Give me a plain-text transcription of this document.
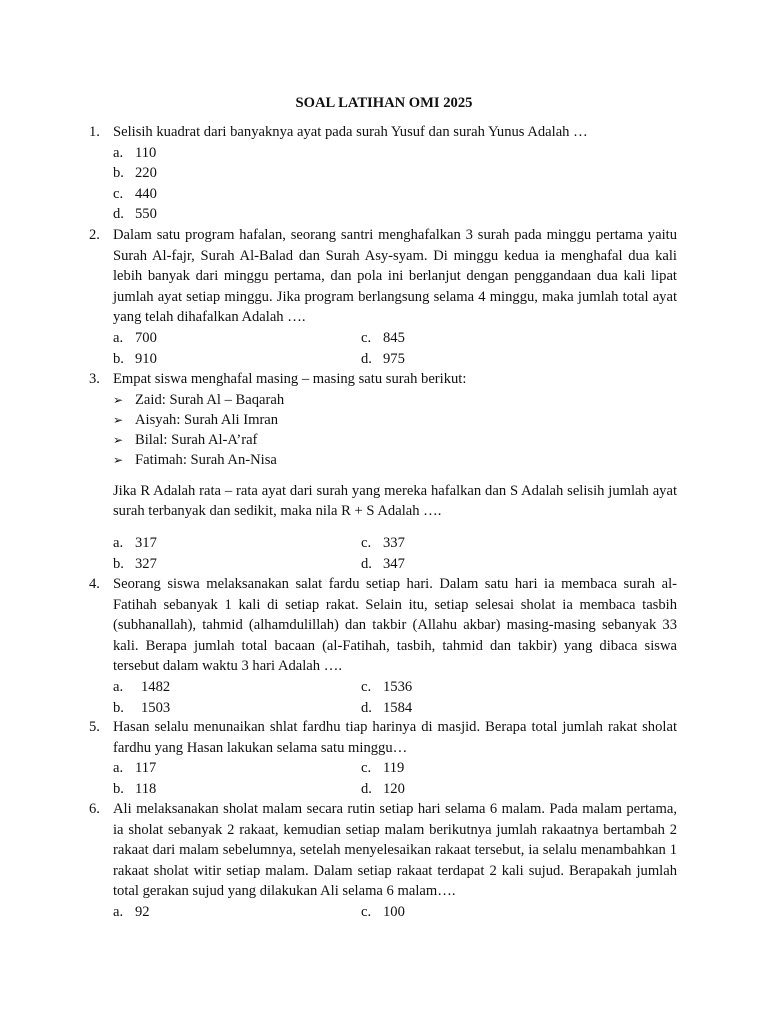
SOAL LATIHAN OMI 2025
1. Selisih kuadrat dari banyaknya ayat pada surah Yusuf dan surah Yunus Adalah …
a. 110
b. 220
c. 440
d. 550
2. Dalam satu program hafalan, seorang santri menghafalkan 3 surah pada minggu pertama yaitu Surah Al-fajr, Surah Al-Balad dan Surah Asy-syam. Di minggu kedua ia menghafal dua kali lebih banyak dari minggu pertama, dan pola ini berlanjut dengan penggandaan dua kali lipat jumlah ayat setiap minggu. Jika program berlangsung selama 4 minggu, maka jumlah total ayat yang telah dihafalkan Adalah ….
a. 700	c. 845
b. 910	d. 975
3. Empat siswa menghafal masing – masing satu surah berikut:
➢ Zaid: Surah Al – Baqarah
➢ Aisyah: Surah Ali Imran
➢ Bilal: Surah Al-A’raf
➢ Fatimah: Surah An-Nisa
Jika R Adalah rata – rata ayat dari surah yang mereka hafalkan dan S Adalah selisih jumlah ayat surah terbanyak dan sedikit, maka nila R + S Adalah ….
a. 317	c. 337
b. 327	d. 347
4. Seorang siswa melaksanakan salat fardu setiap hari. Dalam satu hari ia membaca surah al-Fatihah sebanyak 1 kali di setiap rakat. Selain itu, setiap selesai sholat ia membaca tasbih (subhanallah), tahmid (alhamdulillah) dan takbir (Allahu akbar) masing-masing sebanyak 33 kali. Berapa jumlah total bacaan (al-Fatihah, tasbih, tahmid dan takbir) yang dibaca siswa tersebut dalam waktu 3 hari Adalah ….
a.	1482	c. 1536
b.	1503	d. 1584
5. Hasan selalu menunaikan shlat fardhu tiap harinya di masjid. Berapa total jumlah rakat sholat fardhu yang Hasan lakukan selama satu minggu…
a. 117	c. 119
b. 118	d. 120
6. Ali melaksanakan sholat malam secara rutin setiap hari selama 6 malam. Pada malam pertama, ia sholat sebanyak 2 rakaat, kemudian setiap malam berikutnya jumlah rakaatnya bertambah 2 rakaat dari malam sebelumnya, setelah menyelesaikan rakaat tersebut, ia selalu menambahkan 1 rakaat sholat witir setiap malam. Dalam setiap rakaat terdapat 2 kali sujud. Berapakah jumlah total gerakan sujud yang dilakukan Ali selama 6 malam….
a. 92	c. 100
